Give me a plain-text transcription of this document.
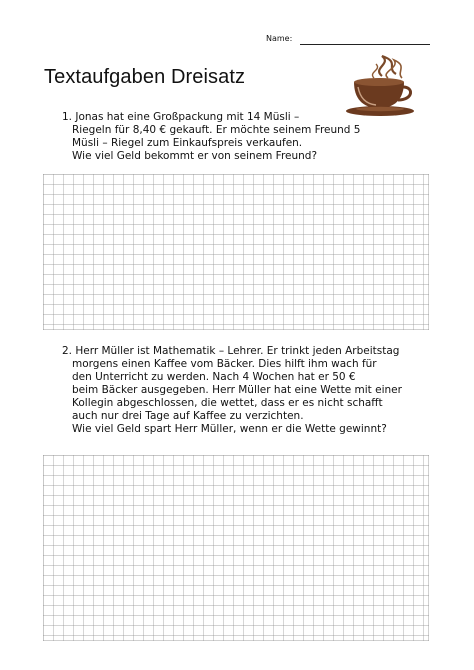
Name:
Textaufgaben Dreisatz
1. Jonas hat eine Großpackung mit 14 Müsli –
Riegeln für 8,40 € gekauft. Er möchte seinem Freund 5
Müsli – Riegel zum Einkaufspreis verkaufen.
Wie viel Geld bekommt er von seinem Freund?
2. Herr Müller ist Mathematik – Lehrer. Er trinkt jeden Arbeitstag
morgens einen Kaffee vom Bäcker. Dies hilft ihm wach für
den Unterricht zu werden. Nach 4 Wochen hat er 50 €
beim Bäcker ausgegeben. Herr Müller hat eine Wette mit einer
Kollegin abgeschlossen, die wettet, dass er es nicht schafft
auch nur drei Tage auf Kaffee zu verzichten.
Wie viel Geld spart Herr Müller, wenn er die Wette gewinnt?
